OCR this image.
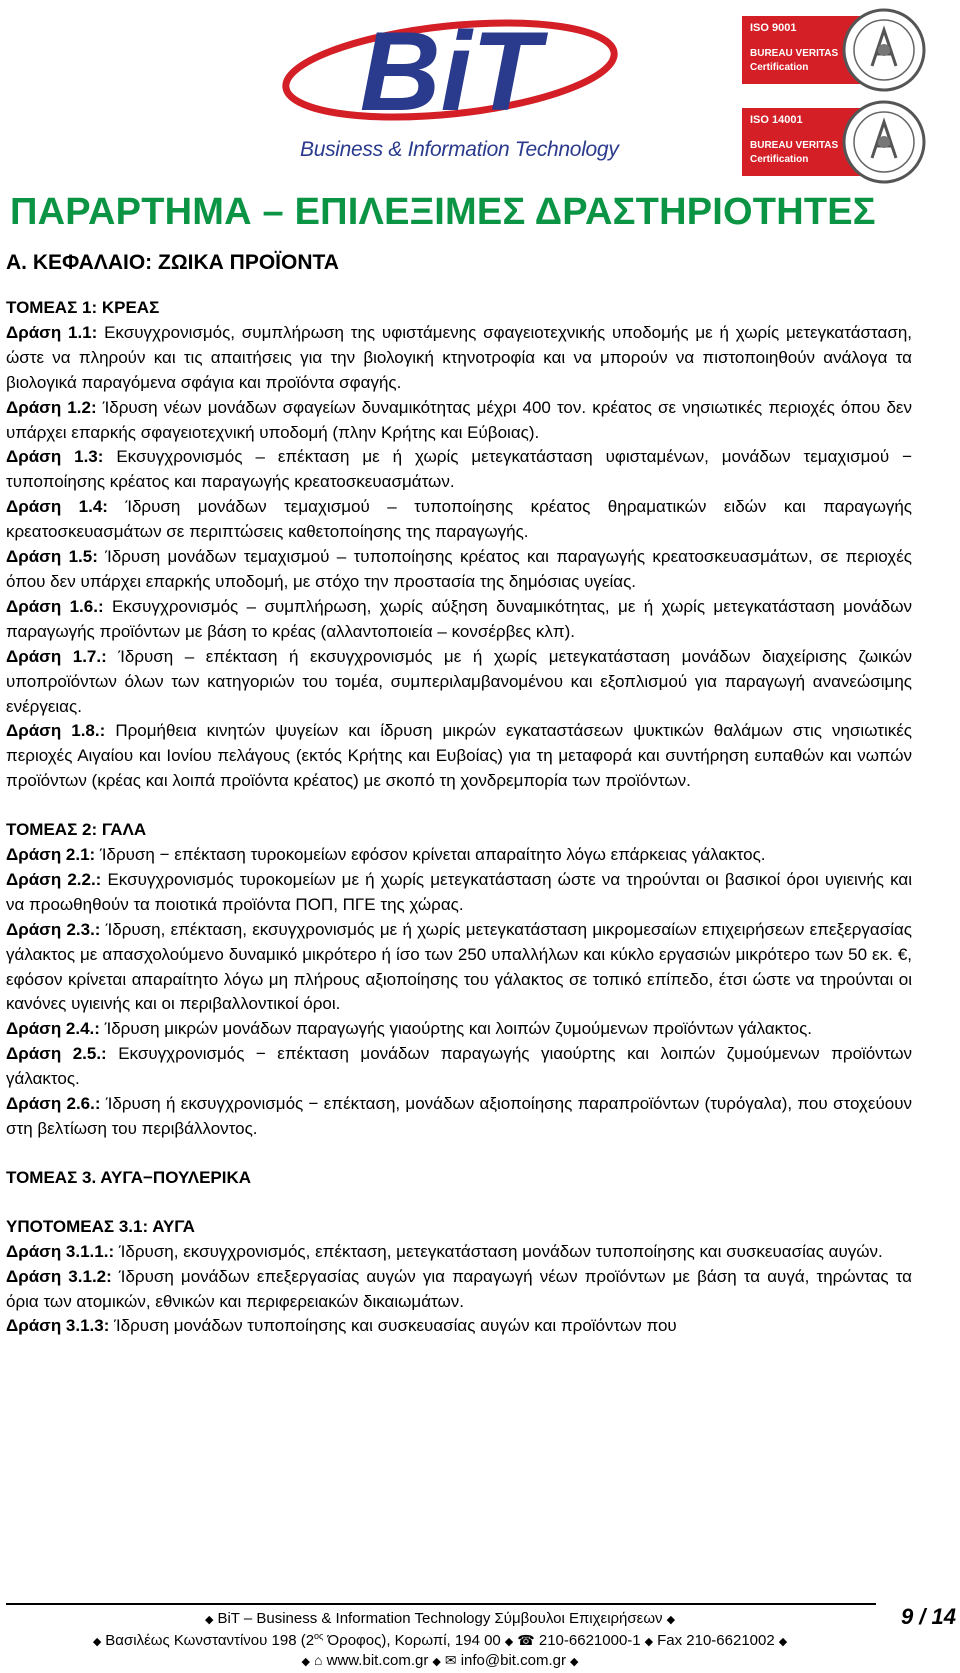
BiT
Business & Information Technology
ISO 9001
BUREAU VERITAS
Certification
ISO 14001
BUREAU VERITAS
Certification
ΠΑΡΑΡΤΗΜΑ – ΕΠΙΛΕΞΙΜΕΣ ΔΡΑΣΤΗΡΙΟΤΗΤΕΣ
Α. ΚΕΦΑΛΑΙΟ: ΖΩΙΚΑ ΠΡΟΪΟΝΤΑ

ΤΟΜΕΑΣ 1: ΚΡΕΑΣ

Δράση 1.1: Εκσυγχρονισμός, συμπλήρωση της υφιστάμενης σφαγειοτεχνικής υποδομής με ή χωρίς μετεγκατάσταση, ώστε να πληρούν και τις απαιτήσεις για την βιολογική κτηνοτροφία και να μπορούν να πιστοποιηθούν ανάλογα τα βιολογικά παραγόμενα σφάγια και προϊόντα σφαγής.

Δράση 1.2: Ίδρυση νέων μονάδων σφαγείων δυναμικότητας μέχρι 400 τον. κρέατος σε νησιωτικές περιοχές όπου δεν υπάρχει επαρκής σφαγειοτεχνική υποδομή (πλην Κρήτης και Εύβοιας).

Δράση 1.3: Εκσυγχρονισμός – επέκταση με ή χωρίς μετεγκατάσταση υφισταμένων, μονάδων τεμαχισμού − τυποποίησης κρέατος και παραγωγής κρεατοσκευασμάτων.

Δράση 1.4: Ίδρυση μονάδων τεμαχισμού – τυποποίησης κρέατος θηραματικών ειδών και παραγωγής κρεατοσκευασμάτων σε περιπτώσεις καθετοποίησης της παραγωγής.

Δράση 1.5: Ίδρυση μονάδων τεμαχισμού – τυποποίησης κρέατος και παραγωγής κρεατοσκευασμάτων, σε περιοχές όπου δεν υπάρχει επαρκής υποδομή, με στόχο την προστασία της δημόσιας υγείας.

Δράση 1.6.: Εκσυγχρονισμός – συμπλήρωση, χωρίς αύξηση δυναμικότητας, με ή χωρίς μετεγκατάσταση μονάδων παραγωγής προϊόντων με βάση το κρέας (αλλαντοποιεία – κονσέρβες κλπ).

Δράση 1.7.: Ίδρυση – επέκταση ή εκσυγχρονισμός με ή χωρίς μετεγκατάσταση μονάδων διαχείρισης ζωικών υποπροϊόντων όλων των κατηγοριών του τομέα, συμπεριλαμβανομένου και εξοπλισμού για παραγωγή ανανεώσιμης ενέργειας.

Δράση 1.8.: Προμήθεια κινητών ψυγείων και ίδρυση μικρών εγκαταστάσεων ψυκτικών θαλάμων στις νησιωτικές περιοχές Αιγαίου και Ιονίου πελάγους (εκτός Κρήτης και Ευβοίας) για τη μεταφορά και συντήρηση ευπαθών και νωπών προϊόντων (κρέας και λοιπά προϊόντα κρέατος) με σκοπό τη χονδρεμπορία των προϊόντων.

ΤΟΜΕΑΣ 2: ΓΑΛΑ

Δράση 2.1: Ίδρυση − επέκταση τυροκομείων εφόσον κρίνεται απαραίτητο λόγω επάρκειας γάλακτος.

Δράση 2.2.: Εκσυγχρονισμός τυροκομείων με ή χωρίς μετεγκατάσταση ώστε να τηρούνται οι βασικοί όροι υγιεινής και να προωθηθούν τα ποιοτικά προϊόντα ΠΟΠ, ΠΓΕ της χώρας.

Δράση 2.3.: Ίδρυση, επέκταση, εκσυγχρονισμός με ή χωρίς μετεγκατάσταση μικρομεσαίων επιχειρήσεων επεξεργασίας γάλακτος με απασχολούμενο δυναμικό μικρότερο ή ίσο των 250 υπαλλήλων και κύκλο εργασιών μικρότερο των 50 εκ. €, εφόσον κρίνεται απαραίτητο λόγω μη πλήρους αξιοποίησης του γάλακτος σε τοπικό επίπεδο, έτσι ώστε να τηρούνται οι κανόνες υγιεινής και οι περιβαλλοντικοί όροι.

Δράση 2.4.: Ίδρυση μικρών μονάδων παραγωγής γιαούρτης και λοιπών ζυμούμενων προϊόντων γάλακτος.

Δράση 2.5.: Εκσυγχρονισμός − επέκταση μονάδων παραγωγής γιαούρτης και λοιπών ζυμούμενων προϊόντων γάλακτος.

Δράση 2.6.: Ίδρυση ή εκσυγχρονισμός − επέκταση, μονάδων αξιοποίησης παραπροϊόντων (τυρόγαλα), που στοχεύουν στη βελτίωση του περιβάλλοντος.

ΤΟΜΕΑΣ 3. ΑΥΓΑ−ΠΟΥΛΕΡΙΚΑ

ΥΠΟΤΟΜΕΑΣ 3.1: ΑΥΓΑ

Δράση 3.1.1.: Ίδρυση, εκσυγχρονισμός, επέκταση, μετεγκατάσταση μονάδων τυποποίησης και συσκευασίας αυγών.

Δράση 3.1.2: Ίδρυση μονάδων επεξεργασίας αυγών για παραγωγή νέων προϊόντων με βάση τα αυγά, τηρώντας τα όρια των ατομικών, εθνικών και περιφερειακών δικαιωμάτων.

Δράση 3.1.3: Ίδρυση μονάδων τυποποίησης και συσκευασίας αυγών και προϊόντων που

9 / 14
◆ BiT – Business & Information Technology Σύμβουλοι Επιχειρήσεων ◆
◆ Βασιλέως Κωνσταντίνου 198 ($2^{o\varsigma}$ Όροφος), Κορωπί, 194 00 ◆ ☎ 210-6621000-1 ◆ Fax 210-6621002 ◆
◆ ⌂ www.bit.com.gr ◆ ✉ info@bit.com.gr ◆
